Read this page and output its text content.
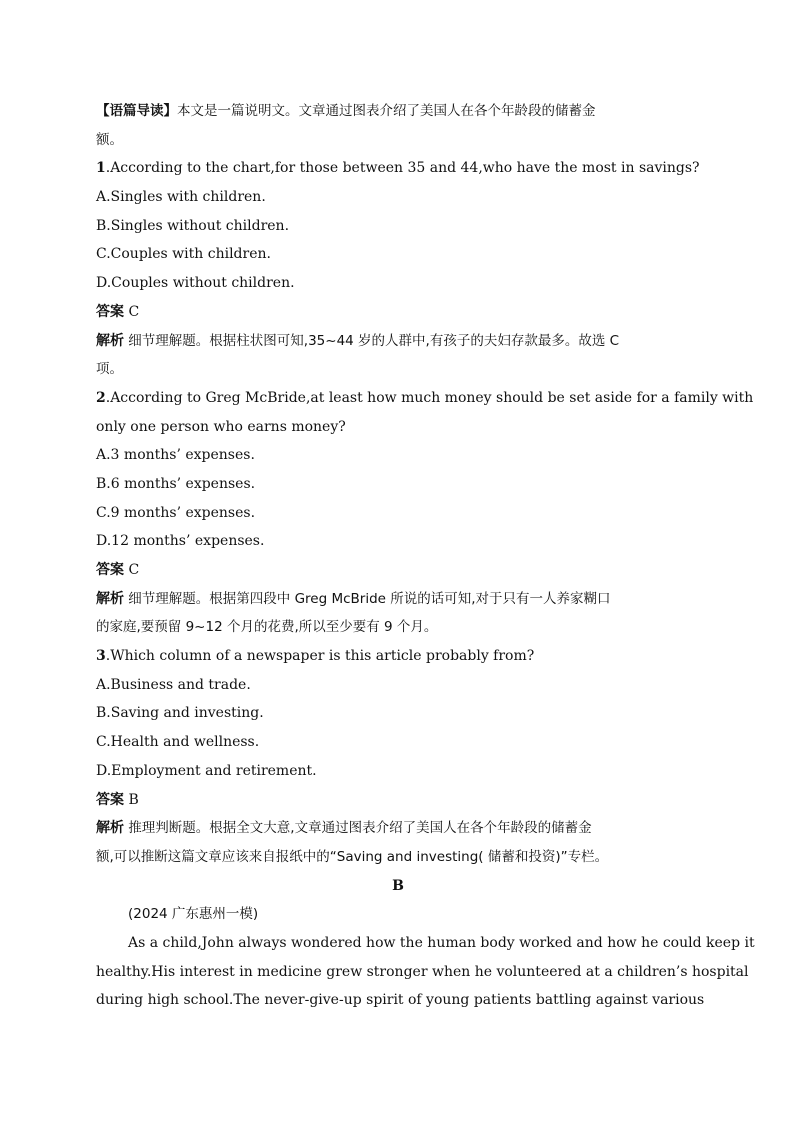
【语篇导读】本文是一篇说明文。文章通过图表介绍了美国人在各个年龄段的储蓄金
额。
1.According to the chart,for those between 35 and 44,who have the most in savings?
A.Singles with children.
B.Singles without children.
C.Couples with children.
D.Couples without children.
答案 C
解析 细节理解题。根据柱状图可知,35~44 岁的人群中,有孩子的夫妇存款最多。故选 C
项。
2.According to Greg McBride,at least how much money should be set aside for a family with
only one person who earns money?
A.3 months’ expenses.
B.6 months’ expenses.
C.9 months’ expenses.
D.12 months’ expenses.
答案 C
解析 细节理解题。根据第四段中 Greg McBride 所说的话可知,对于只有一人养家糊口
的家庭,要预留 9~12 个月的花费,所以至少要有 9 个月。
3.Which column of a newspaper is this article probably from?
A.Business and trade.
B.Saving and investing.
C.Health and wellness.
D.Employment and retirement.
答案 B
解析 推理判断题。根据全文大意,文章通过图表介绍了美国人在各个年龄段的储蓄金
额,可以推断这篇文章应该来自报纸中的“Saving and investing( 储蓄和投资)”专栏。
B
(2024 广东惠州一模)
As a child,John always wondered how the human body worked and how he could keep it
healthy.His interest in medicine grew stronger when he volunteered at a children’s hospital
during high school.The never-give-up spirit of young patients battling against various
